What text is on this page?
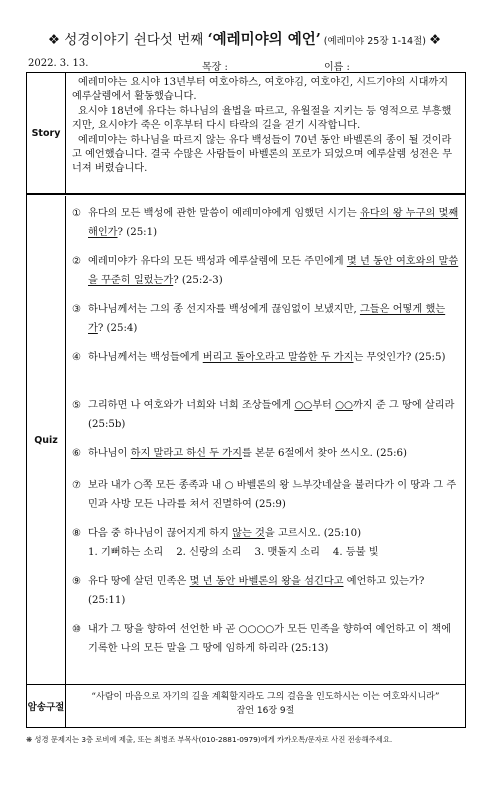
❖ 성경이야기 쉰다섯 번째 ‘예레미야의 예언’ (예레미야 25장 1-14절) ❖
2022. 3. 13.	목장 :	이름 :
Story

예레미야는 요시야 13년부터 여호아하스, 여호야김, 여호야긴, 시드기야의 시대까지 예루살렘에서 활동했습니다.

요시야 18년에 유다는 하나님의 율법을 따르고, 유월절을 지키는 등 영적으로 부흥했지만, 요시야가 죽은 이후부터 다시 타락의 길을 걷기 시작합니다.

예레미야는 하나님을 따르지 않는 유다 백성들이 70년 동안 바벨론의 종이 될 것이라고 예언했습니다. 결국 수많은 사람들이 바벨론의 포로가 되었으며 예루살렘 성전은 무너져 버렸습니다.

Quiz
① 유다의 모든 백성에 관한 말씀이 예레미야에게 임했던 시기는 유다의 왕 누구의 몇째 해인가? (25:1)
② 예레미야가 유다의 모든 백성과 예루살렘에 모든 주민에게 몇 년 동안 여호와의 말씀을 꾸준히 일렀는가? (25:2-3)
③ 하나님께서는 그의 종 선지자를 백성에게 끊임없이 보냈지만, 그들은 어떻게 했는가? (25:4)
④ 하나님께서는 백성들에게 버리고 돌아오라고 말씀한 두 가지는 무엇인가? (25:5)
⑤ 그리하면 나 여호와가 너희와 너희 조상들에게 ○○부터 ○○까지 준 그 땅에 살리라 (25:5b)
⑥ 하나님이 하지 말라고 하신 두 가지를 본문 6절에서 찾아 쓰시오. (25:6)
⑦ 보라 내가 ○쪽 모든 종족과 내 ○ 바벨론의 왕 느부갓네살을 불러다가 이 땅과 그 주민과 사방 모든 나라를 쳐서 진멸하여 (25:9)
⑧ 다음 중 하나님이 끊어지게 하지 않는 것을 고르시오. (25:10)
1. 기뻐하는 소리    2. 신랑의 소리    3. 맷돌지 소리    4. 등불 빛
⑨ 유다 땅에 살던 민족은 몇 년 동안 바벨론의 왕을 섬긴다고 예언하고 있는가? (25:11)
⑩ 내가 그 땅을 향하여 선언한 바 곧 ○○○○가 모든 민족을 향하여 예언하고 이 책에 기록한 나의 모든 말을 그 땅에 임하게 하리라 (25:13)
암송구절
“사람이 마음으로 자기의 길을 계획할지라도 그의 걸음을 인도하시는 이는 여호와시니라”
잠언 16장 9절
❋ 성경 문제지는 3층 로비에 제출, 또는 최병조 부목사(010-2881-0979)에게 카카오톡/문자로 사진 전송해주세요.
